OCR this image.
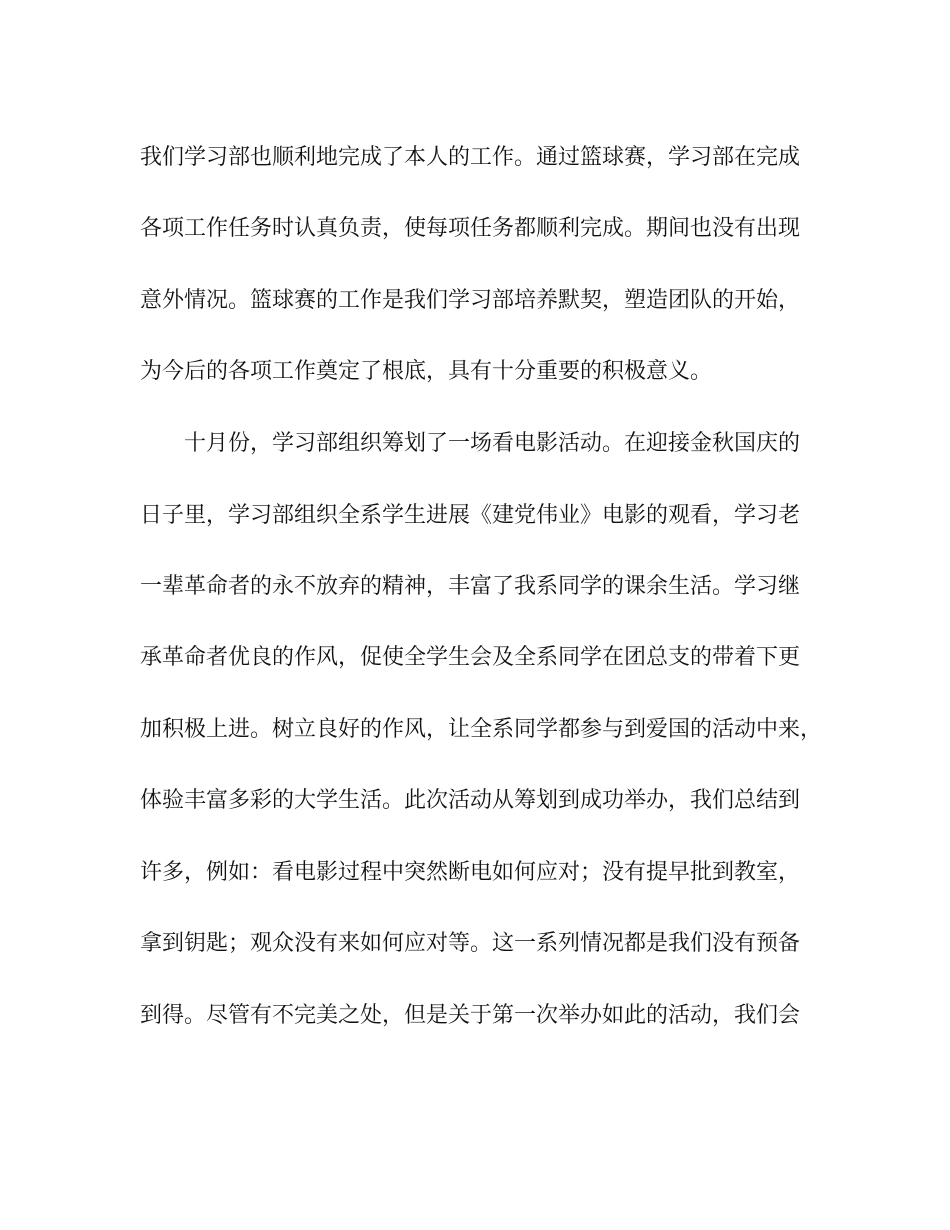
我们学习部也顺利地完成了本人的工作。通过篮球赛，学习部在完成
各项工作任务时认真负责，使每项任务都顺利完成。期间也没有出现
意外情况。篮球赛的工作是我们学习部培养默契，塑造团队的开始，
为今后的各项工作奠定了根底，具有十分重要的积极意义。
十月份，学习部组织筹划了一场看电影活动。在迎接金秋国庆的
日子里，学习部组织全系学生进展《建党伟业》电影的观看，学习老
一辈革命者的永不放弃的精神，丰富了我系同学的课余生活。学习继
承革命者优良的作风，促使全学生会及全系同学在团总支的带着下更
加积极上进。树立良好的作风，让全系同学都参与到爱国的活动中来，
体验丰富多彩的大学生活。此次活动从筹划到成功举办，我们总结到
许多，例如：看电影过程中突然断电如何应对；没有提早批到教室，
拿到钥匙；观众没有来如何应对等。这一系列情况都是我们没有预备
到得。尽管有不完美之处，但是关于第一次举办如此的活动，我们会
